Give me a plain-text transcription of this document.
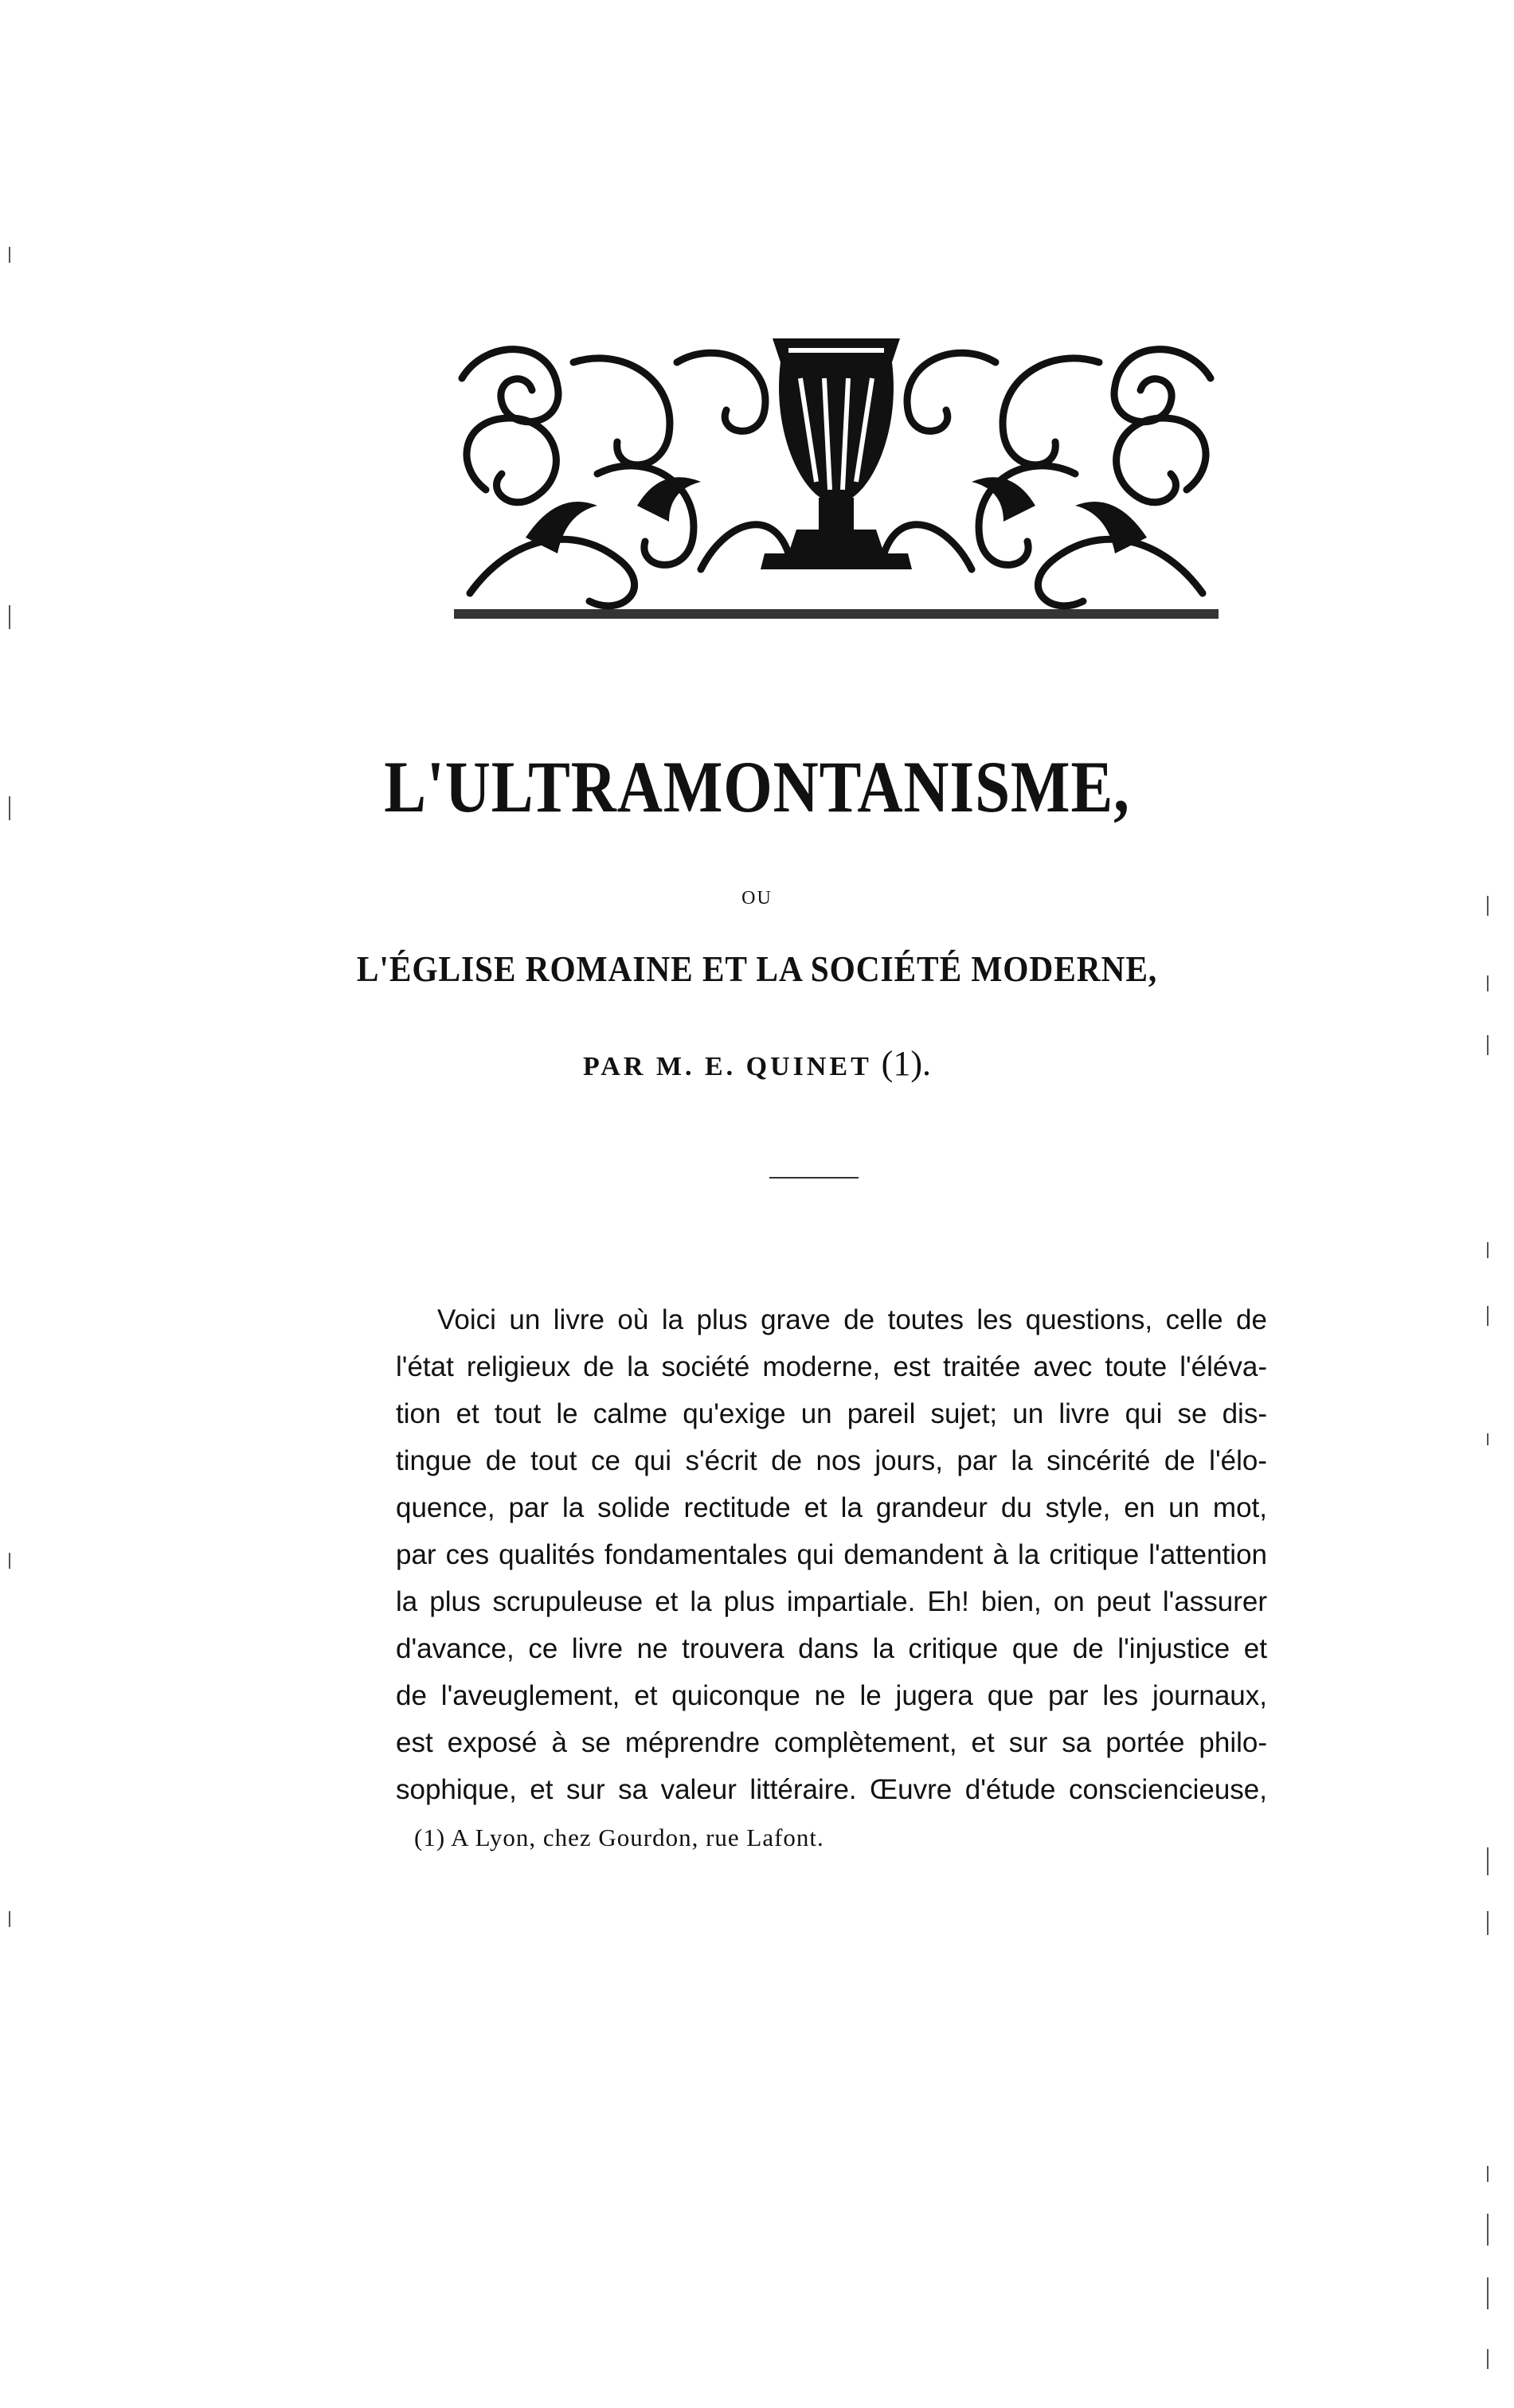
L'ULTRAMONTANISME,
OU
L'ÉGLISE ROMAINE ET LA SOCIÉTÉ MODERNE,
PAR M. E. QUINET (1).
Voici un livre où la plus grave de toutes les questions, celle de
l'état religieux de la société moderne, est traitée avec toute l'éléva-
tion et tout le calme qu'exige un pareil sujet; un livre qui se dis-
tingue de tout ce qui s'écrit de nos jours, par la sincérité de l'élo-
quence, par la solide rectitude et la grandeur du style, en un mot,
par ces qualités fondamentales qui demandent à la critique l'attention
la plus scrupuleuse et la plus impartiale. Eh! bien, on peut l'assurer
d'avance, ce livre ne trouvera dans la critique que de l'injustice et
de l'aveuglement, et quiconque ne le jugera que par les journaux,
est exposé à se méprendre complètement, et sur sa portée philo-
sophique, et sur sa valeur littéraire. Œuvre d'étude consciencieuse,
(1) A Lyon, chez Gourdon, rue Lafont.
